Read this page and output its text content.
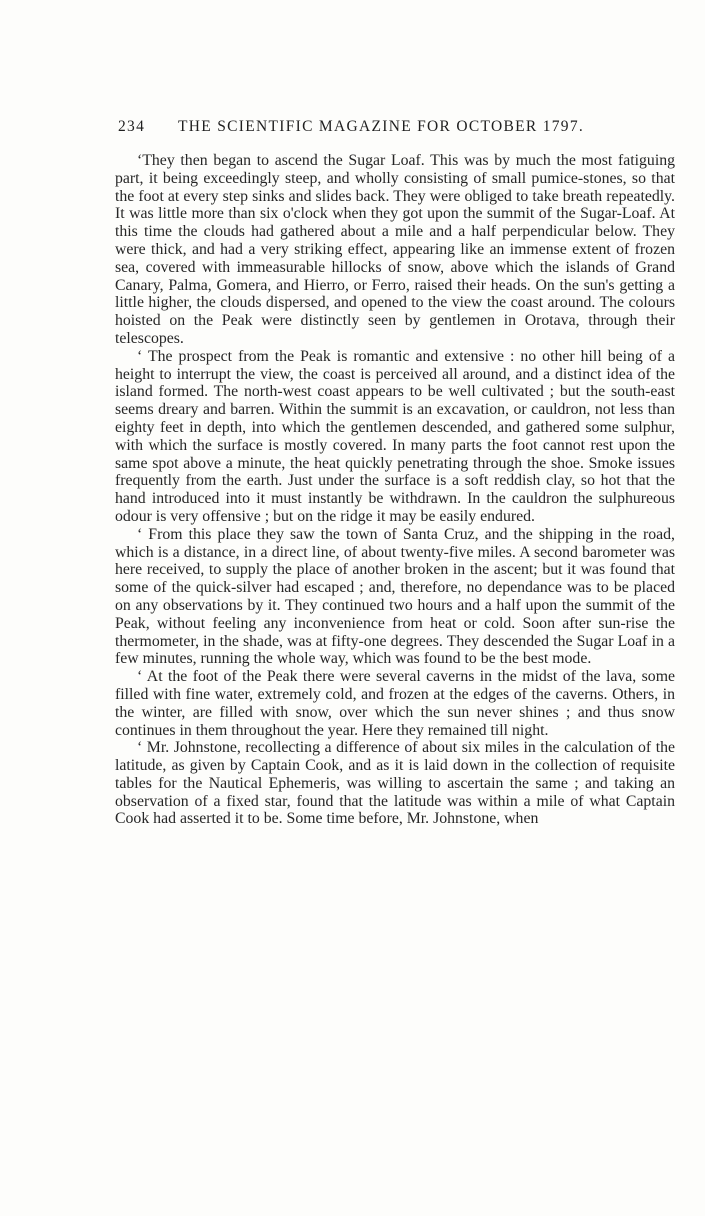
234 THE SCIENTIFIC MAGAZINE FOR OCTOBER 1797.

‘They then began to ascend the Sugar Loaf. This was by much the most fatiguing part, it being exceedingly steep, and wholly consisting of small pumice-stones, so that the foot at every step sinks and slides back. They were obliged to take breath repeatedly. It was little more than six o'clock when they got upon the summit of the Sugar-Loaf. At this time the clouds had gathered about a mile and a half perpendicular below. They were thick, and had a very striking effect, appearing like an immense extent of frozen sea, covered with immeasurable hillocks of snow, above which the islands of Grand Canary, Palma, Gomera, and Hierro, or Ferro, raised their heads. On the sun's getting a little higher, the clouds dispersed, and opened to the view the coast around. The colours hoisted on the Peak were distinctly seen by gentlemen in Orotava, through their telescopes.

‘ The prospect from the Peak is romantic and extensive : no other hill being of a height to interrupt the view, the coast is perceived all around, and a distinct idea of the island formed. The north-west coast appears to be well cultivated ; but the south-east seems dreary and barren. Within the summit is an excavation, or cauldron, not less than eighty feet in depth, into which the gentlemen descended, and gathered some sulphur, with which the surface is mostly covered. In many parts the foot cannot rest upon the same spot above a minute, the heat quickly penetrating through the shoe. Smoke issues frequently from the earth. Just under the surface is a soft reddish clay, so hot that the hand introduced into it must instantly be withdrawn. In the cauldron the sulphureous odour is very offensive ; but on the ridge it may be easily endured.

‘ From this place they saw the town of Santa Cruz, and the shipping in the road, which is a distance, in a direct line, of about twenty-five miles. A second barometer was here received, to supply the place of another broken in the ascent; but it was found that some of the quick-silver had escaped ; and, therefore, no dependance was to be placed on any observations by it. They continued two hours and a half upon the summit of the Peak, without feeling any inconvenience from heat or cold. Soon after sun-rise the thermometer, in the shade, was at fifty-one degrees. They descended the Sugar Loaf in a few minutes, running the whole way, which was found to be the best mode.

‘ At the foot of the Peak there were several caverns in the midst of the lava, some filled with fine water, extremely cold, and frozen at the edges of the caverns. Others, in the winter, are filled with snow, over which the sun never shines ; and thus snow continues in them throughout the year. Here they remained till night.

‘ Mr. Johnstone, recollecting a difference of about six miles in the calculation of the latitude, as given by Captain Cook, and as it is laid down in the collection of requisite tables for the Nautical Ephemeris, was willing to ascertain the same ; and taking an observation of a fixed star, found that the latitude was within a mile of what Captain Cook had asserted it to be. Some time before, Mr. Johnstone, when
